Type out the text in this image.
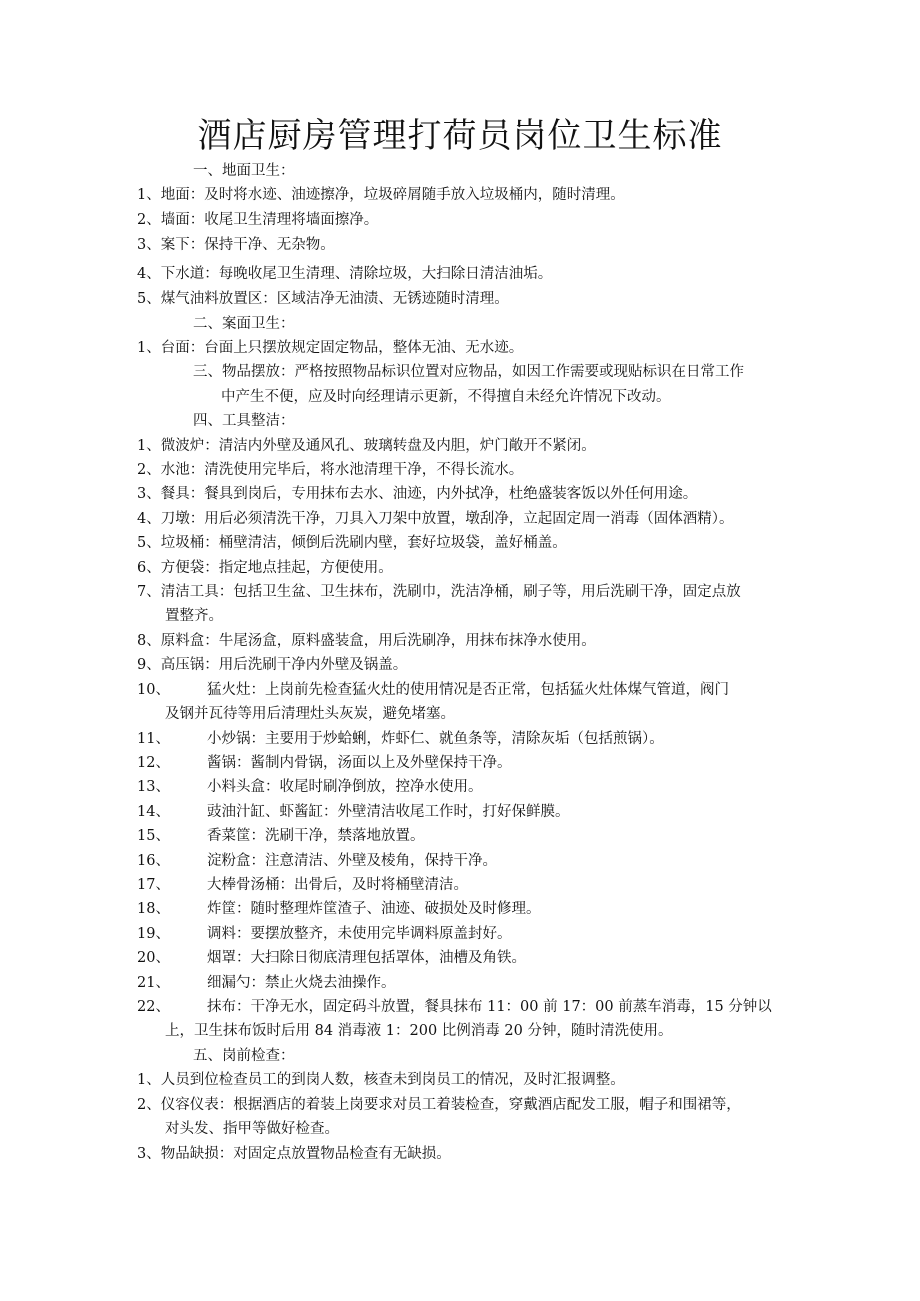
酒店厨房管理打荷员岗位卫生标准
一、地面卫生：
1、地面：及时将水迹、油迹擦净，垃圾碎屑随手放入垃圾桶内，随时清理。
2、墙面：收尾卫生清理将墙面擦净。
3、案下：保持干净、无杂物。
4、下水道：每晚收尾卫生清理、清除垃圾，大扫除日清洁油垢。
5、煤气油料放置区：区域洁净无油渍、无锈迹随时清理。
二、案面卫生：
1、台面：台面上只摆放规定固定物品，整体无油、无水迹。
三、物品摆放：严格按照物品标识位置对应物品，如因工作需要或现贴标识在日常工作
中产生不便，应及时向经理请示更新，不得擅自未经允许情况下改动。
四、工具整洁：
1、微波炉：清洁内外壁及通风孔、玻璃转盘及内胆，炉门敞开不紧闭。
2、水池：清洗使用完毕后，将水池清理干净，不得长流水。
3、餐具：餐具到岗后，专用抹布去水、油迹，内外拭净，杜绝盛装客饭以外任何用途。
4、刀墩：用后必须清洗干净，刀具入刀架中放置，墩刮净，立起固定周一消毒（固体酒精）。
5、垃圾桶：桶壁清洁，倾倒后洗刷内壁，套好垃圾袋，盖好桶盖。
6、方便袋：指定地点挂起，方便使用。
7、清洁工具：包括卫生盆、卫生抹布，洗刷巾，洗洁净桶，刷子等，用后洗刷干净，固定点放
置整齐。
8、原料盒：牛尾汤盒，原料盛装盒，用后洗刷净，用抹布抹净水使用。
9、高压锅：用后洗刷干净内外壁及锅盖。
10、	猛火灶：上岗前先检查猛火灶的使用情况是否正常，包括猛火灶体煤气管道，阀门
及钢并瓦待等用后清理灶头灰炭，避免堵塞。
11、	小炒锅：主要用于炒蛤蜊，炸虾仁、就鱼条等，清除灰垢（包括煎锅）。
12、	酱锅：酱制内骨锅，汤面以上及外壁保持干净。
13、	小料头盒：收尾时刷净倒放，控净水使用。
14、	豉油汁缸、虾酱缸：外壁清洁收尾工作时，打好保鲜膜。
15、	香菜筐：洗刷干净，禁落地放置。
16、	淀粉盒：注意清洁、外壁及棱角，保持干净。
17、	大棒骨汤桶：出骨后，及时将桶壁清洁。
18、	炸筐：随时整理炸筐渣子、油迹、破损处及时修理。
19、	调料：要摆放整齐，未使用完毕调料原盖封好。
20、	烟罩：大扫除日彻底清理包括罩体，油槽及角铁。
21、	细漏勺：禁止火烧去油操作。
22、	抹布：干净无水，固定码斗放置，餐具抹布 11：00 前 17：00 前蒸车消毒，15 分钟以
上，卫生抹布饭时后用 84 消毒液 1：200 比例消毒 20 分钟，随时清洗使用。
五、岗前检查：
1、人员到位检查员工的到岗人数，核查未到岗员工的情况，及时汇报调整。
2、仪容仪表：根据酒店的着装上岗要求对员工着装检查，穿戴酒店配发工服，帽子和围裙等，
对头发、指甲等做好检查。
3、物品缺损：对固定点放置物品检查有无缺损。
